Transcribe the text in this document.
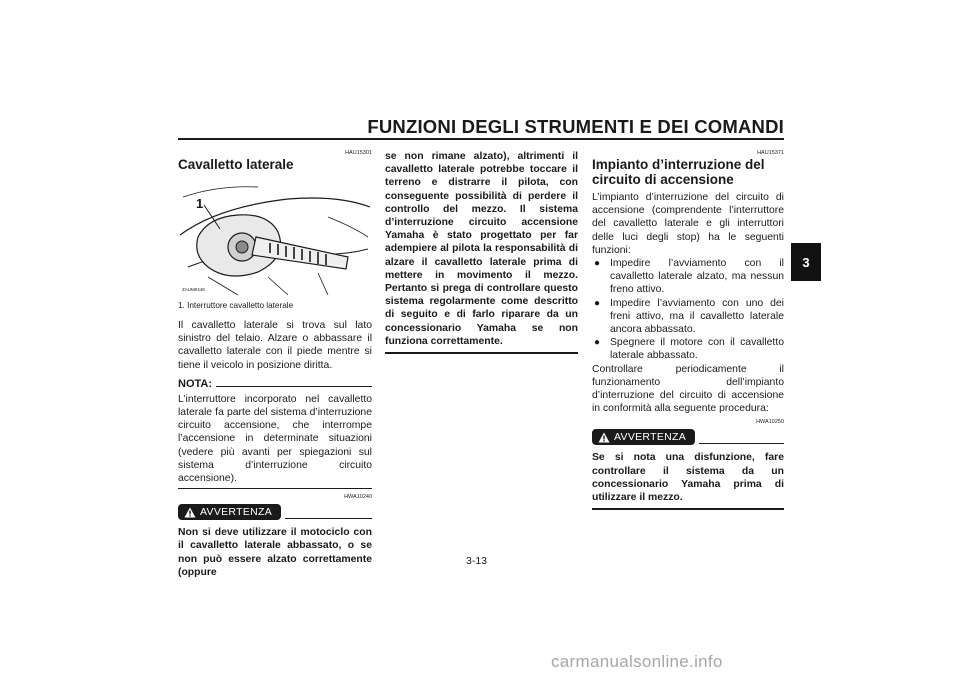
FUNZIONI DEGLI STRUMENTI E DEI COMANDI
3

HAU15301

Cavalletto laterale
1
ZAUM0448

1. Interruttore cavalletto laterale

Il cavalletto laterale si trova sul lato sinistro del telaio. Alzare o abbassare il cavalletto laterale con il piede mentre si tiene il veicolo in posizione diritta.

NOTA:

L’interruttore incorporato nel cavalletto laterale fa parte del sistema d’interruzione circuito accensione, che interrompe l’accensione in determinate situazioni (vedere più avanti per spiegazioni sul sistema d’interruzione circuito accensione).

HWA10240

AVVERTENZA

Non si deve utilizzare il motociclo con il cavalletto laterale abbassato, o se non può essere alzato correttamente (oppure

se non rimane alzato), altrimenti il cavalletto laterale potrebbe toccare il terreno e distrarre il pilota, con conseguente possibilità di perdere il controllo del mezzo. Il sistema d’interruzione circuito accensione Yamaha è stato progettato per far adempiere al pilota la responsabilità di alzare il cavalletto laterale prima di mettere in movimento il mezzo. Pertanto si prega di controllare questo sistema regolarmente come descritto di seguito e di farlo riparare da un concessionario Yamaha se non funziona correttamente.

HAU15371

Impianto d’interruzione del circuito di accensione

L’impianto d’interruzione del circuito di accensione (comprendente l’interruttore del cavalletto laterale e gli interruttori delle luci degli stop) ha le seguenti funzioni:

● Impedire l’avviamento con il cavalletto laterale alzato, ma nessun freno attivo.
● Impedire l’avviamento con uno dei freni attivo, ma il cavalletto laterale ancora abbassato.
● Spegnere il motore con il cavalletto laterale abbassato.

Controllare periodicamente il funzionamento dell’impianto d’interruzione del circuito di accensione in conformità alla seguente procedura:

HWA10250

AVVERTENZA

Se si nota una disfunzione, fare controllare il sistema da un concessionario Yamaha prima di utilizzare il mezzo.

3-13
carmanualsonline.info
